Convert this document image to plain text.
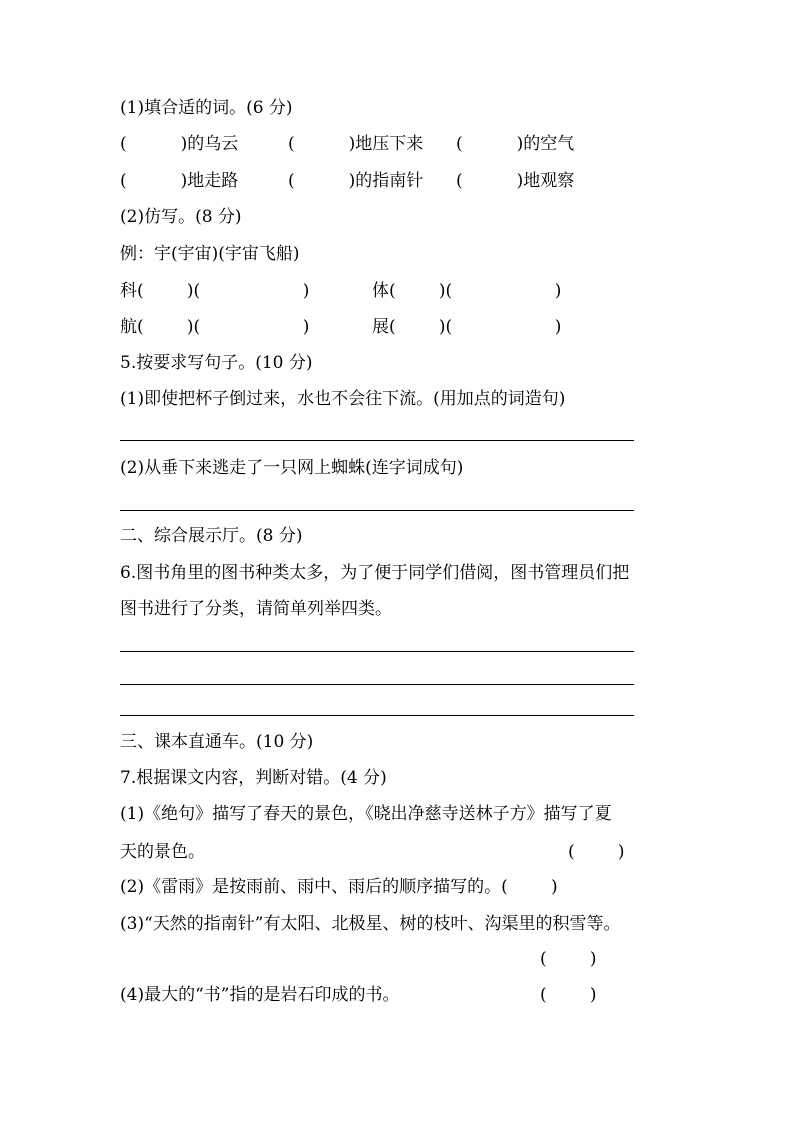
(1)填合适的词。(6 分)
(          )的乌云	(          )地压下来 (          )的空气
(          )地走路	(          )的指南针 (          )地观察
(2)仿写。(8 分)
例：宇(宇宙)(宇宙飞船)
科(        )(                   )	体(        )(                   )
航(        )(                   )	展(        )(                   )
5.按要求写句子。(10 分)
(1)即使把杯子倒过来，水也不会往下流。(用加点的词造句)
(2)从垂下来逃走了一只网上蜘蛛(连字词成句)
二、综合展示厅。(8 分)
6.图书角里的图书种类太多，为了便于同学们借阅，图书管理员们把
图书进行了分类，请简单列举四类。
三、课本直通车。(10 分)
7.根据课文内容，判断对错。(4 分)
(1)《绝句》描写了春天的景色，《晓出净慈寺送林子方》描写了夏
天的景色。	(        )
(2)《雷雨》是按雨前、雨中、雨后的顺序描写的。(        )
(3)“天然的指南针”有太阳、北极星、树的枝叶、沟渠里的积雪等。
(        )
(4)最大的“书”指的是岩石印成的书。	(        )
